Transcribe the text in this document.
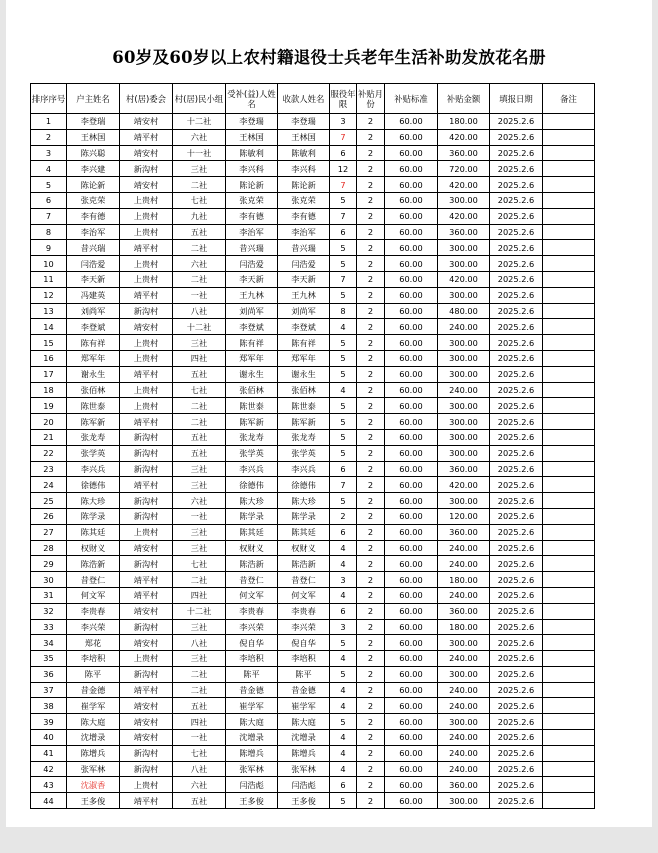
60岁及60岁以上农村籍退役士兵老年生活补助发放花名册
排序序号	户主姓名	村(居)委会	村(居)民小组	受补(益)人姓名	收款人姓名	服役年限	补贴月份	补贴标准	补贴金额	填报日期	备注
1	李登瑞	靖安村	十二社	李登瑞	李登瑞	3	2	60.00	180.00	2025.2.6	
2	王林国	靖平村	六社	王林国	王林国	7	2	60.00	420.00	2025.2.6	
3	陈兴聪	靖安村	十一社	陈敏利	陈敏利	6	2	60.00	360.00	2025.2.6	
4	李兴建	新沟村	三社	李兴科	李兴科	12	2	60.00	720.00	2025.2.6	
5	陈论新	靖安村	二社	陈论新	陈论新	7	2	60.00	420.00	2025.2.6	
6	张克荣	上贵村	七社	张克荣	张克荣	5	2	60.00	300.00	2025.2.6	
7	李有德	上贵村	九社	李有德	李有德	7	2	60.00	420.00	2025.2.6	
8	李治军	上贵村	五社	李治军	李治军	6	2	60.00	360.00	2025.2.6	
9	昔兴瑞	靖平村	二社	昔兴瑞	昔兴瑞	5	2	60.00	300.00	2025.2.6	
10	闫浩爱	上贵村	六社	闫浩爱	闫浩爱	5	2	60.00	300.00	2025.2.6	
11	李天新	上贵村	二社	李天新	李天新	7	2	60.00	420.00	2025.2.6	
12	冯建英	靖平村	一社	王九林	王九林	5	2	60.00	300.00	2025.2.6	
13	刘尚军	新沟村	八社	刘尚军	刘尚军	8	2	60.00	480.00	2025.2.6	
14	李登斌	靖安村	十二社	李登斌	李登斌	4	2	60.00	240.00	2025.2.6	
15	陈有祥	上贵村	三社	陈有祥	陈有祥	5	2	60.00	300.00	2025.2.6	
16	郑军年	上贵村	四社	郑军年	郑军年	5	2	60.00	300.00	2025.2.6	
17	谢永生	靖平村	五社	谢永生	谢永生	5	2	60.00	300.00	2025.2.6	
18	张佰林	上贵村	七社	张佰林	张佰林	4	2	60.00	240.00	2025.2.6	
19	陈世泰	上贵村	二社	陈世泰	陈世泰	5	2	60.00	300.00	2025.2.6	
20	陈军新	靖平村	二社	陈军新	陈军新	5	2	60.00	300.00	2025.2.6	
21	张龙寿	新沟村	五社	张龙寿	张龙寿	5	2	60.00	300.00	2025.2.6	
22	张学英	新沟村	五社	张学英	张学英	5	2	60.00	300.00	2025.2.6	
23	李兴兵	新沟村	三社	李兴兵	李兴兵	6	2	60.00	360.00	2025.2.6	
24	徐德伟	靖平村	三社	徐德伟	徐德伟	7	2	60.00	420.00	2025.2.6	
25	陈大珍	新沟村	六社	陈大珍	陈大珍	5	2	60.00	300.00	2025.2.6	
26	陈学录	新沟村	一社	陈学录	陈学录	2	2	60.00	120.00	2025.2.6	
27	陈其廷	上贵村	三社	陈其廷	陈其廷	6	2	60.00	360.00	2025.2.6	
28	权财义	靖安村	三社	权财义	权财义	4	2	60.00	240.00	2025.2.6	
29	陈浩新	新沟村	七社	陈浩新	陈浩新	4	2	60.00	240.00	2025.2.6	
30	昔登仁	靖平村	二社	昔登仁	昔登仁	3	2	60.00	180.00	2025.2.6	
31	何文军	靖平村	四社	何文军	何文军	4	2	60.00	240.00	2025.2.6	
32	李贵春	靖安村	十二社	李贵春	李贵春	6	2	60.00	360.00	2025.2.6	
33	李兴荣	新沟村	三社	李兴荣	李兴荣	3	2	60.00	180.00	2025.2.6	
34	郑花	靖安村	八社	倪自华	倪自华	5	2	60.00	300.00	2025.2.6	
35	李培积	上贵村	三社	李培积	李培积	4	2	60.00	240.00	2025.2.6	
36	陈平	新沟村	二社	陈平	陈平	5	2	60.00	300.00	2025.2.6	
37	昔金德	靖平村	二社	昔金德	昔金德	4	2	60.00	240.00	2025.2.6	
38	崔学军	靖安村	五社	崔学军	崔学军	4	2	60.00	240.00	2025.2.6	
39	陈大庭	靖安村	四社	陈大庭	陈大庭	5	2	60.00	300.00	2025.2.6	
40	沈增录	靖安村	一社	沈增录	沈增录	4	2	60.00	240.00	2025.2.6	
41	陈增兵	新沟村	七社	陈增兵	陈增兵	4	2	60.00	240.00	2025.2.6	
42	张军林	新沟村	八社	张军林	张军林	4	2	60.00	240.00	2025.2.6	
43	沈淑香	上贵村	六社	闫浩彪	闫浩彪	6	2	60.00	360.00	2025.2.6	
44	王多俊	靖平村	五社	王多俊	王多俊	5	2	60.00	300.00	2025.2.6	
